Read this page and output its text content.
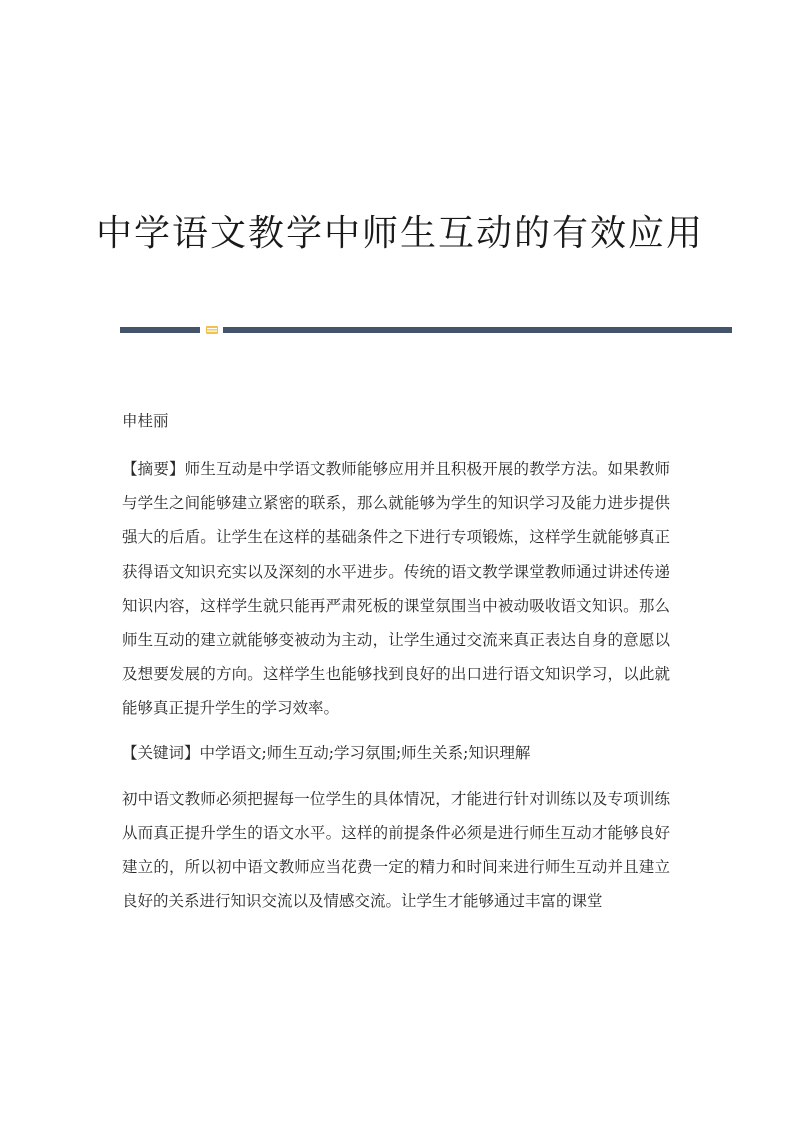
中学语文教学中师生互动的有效应用
申桂丽

【摘要】师生互动是中学语文教师能够应用并且积极开展的教学方法。如果教师与学生之间能够建立紧密的联系，那么就能够为学生的知识学习及能力进步提供强大的后盾。让学生在这样的基础条件之下进行专项锻炼，这样学生就能够真正获得语文知识充实以及深刻的水平进步。传统的语文教学课堂教师通过讲述传递知识内容，这样学生就只能再严肃死板的课堂氛围当中被动吸收语文知识。那么师生互动的建立就能够变被动为主动，让学生通过交流来真正表达自身的意愿以及想要发展的方向。这样学生也能够找到良好的出口进行语文知识学习，以此就能够真正提升学生的学习效率。

【关键词】中学语文;师生互动;学习氛围;师生关系;知识理解

初中语文教师必须把握每一位学生的具体情况，才能进行针对训练以及专项训练从而真正提升学生的语文水平。这样的前提条件必须是进行师生互动才能够良好建立的，所以初中语文教师应当花费一定的精力和时间来进行师生互动并且建立良好的关系进行知识交流以及情感交流。让学生才能够通过丰富的课堂
